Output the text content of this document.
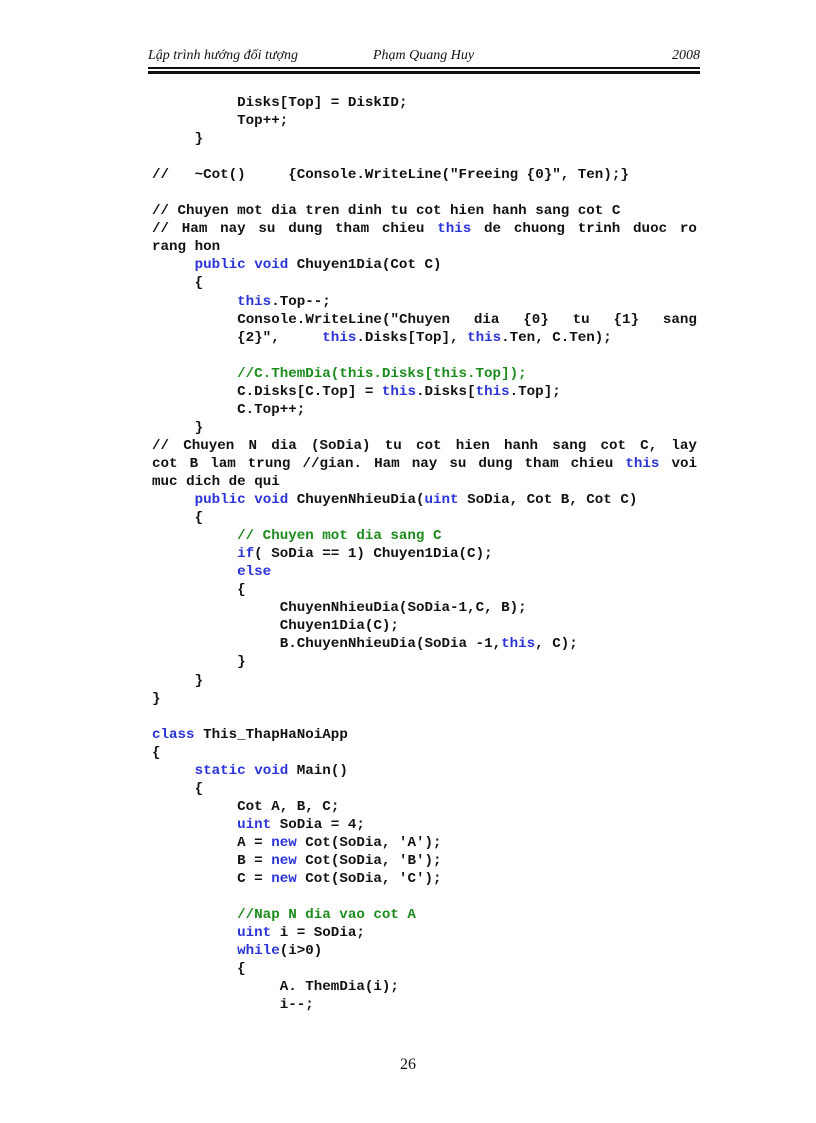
Lập trình hướng đối tượng	Phạm Quang Huy	2008
Disks[Top] = DiskID;
Top++;
}
//   ~Cot()     {Console.WriteLine("Freeing {0}", Ten);}
// Chuyen mot dia tren dinh tu cot hien hanh sang cot C
// Ham nay su dung tham chieu this de chuong trinh duoc ro
rang hon
public void Chuyen1Dia(Cot C)
{
this.Top--;
Console.WriteLine("Chuyen dia {0} tu {1} sang
{2}",     this.Disks[Top], this.Ten, C.Ten);
//C.ThemDia(this.Disks[this.Top]);
C.Disks[C.Top] = this.Disks[this.Top];
C.Top++;
}
// Chuyen N dia (SoDia) tu cot hien hanh sang cot C, lay
cot B lam trung //gian. Ham nay su dung tham chieu this voi
muc dich de qui
public void ChuyenNhieuDia(uint SoDia, Cot B, Cot C)
{
// Chuyen mot dia sang C
if( SoDia == 1) Chuyen1Dia(C);
else
{
ChuyenNhieuDia(SoDia-1,C, B);
Chuyen1Dia(C);
B.ChuyenNhieuDia(SoDia -1,this, C);
}
}
}
class This_ThapHaNoiApp
{
static void Main()
{
Cot A, B, C;
uint SoDia = 4;
A = new Cot(SoDia, 'A');
B = new Cot(SoDia, 'B');
C = new Cot(SoDia, 'C');
//Nap N dia vao cot A
uint i = SoDia;
while(i>0)
{
A. ThemDia(i);
i--;
26
